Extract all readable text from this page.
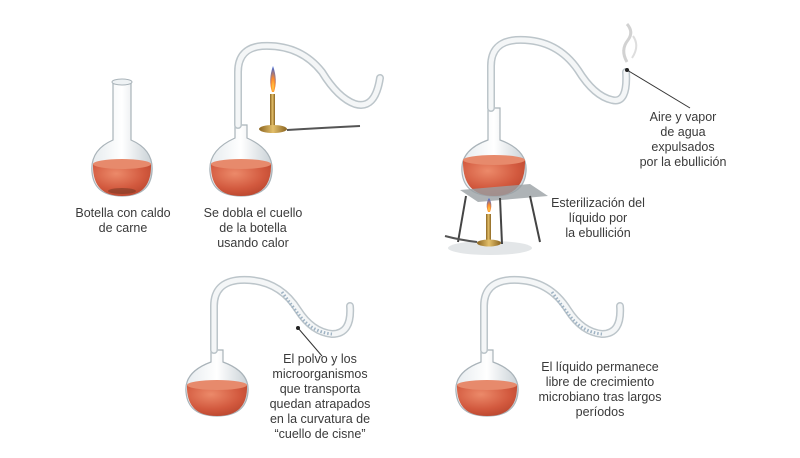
Botella con caldo
de carne
Se dobla el cuello
de la botella
usando calor
Aire y vapor
de agua
expulsados
por la ebullición
Esterilización del
líquido por
la ebullición
El polvo y los
microorganismos
que transporta
quedan atrapados
en la curvatura de
“cuello de cisne”
El líquido permanece
libre de crecimiento
microbiano tras largos
períodos
